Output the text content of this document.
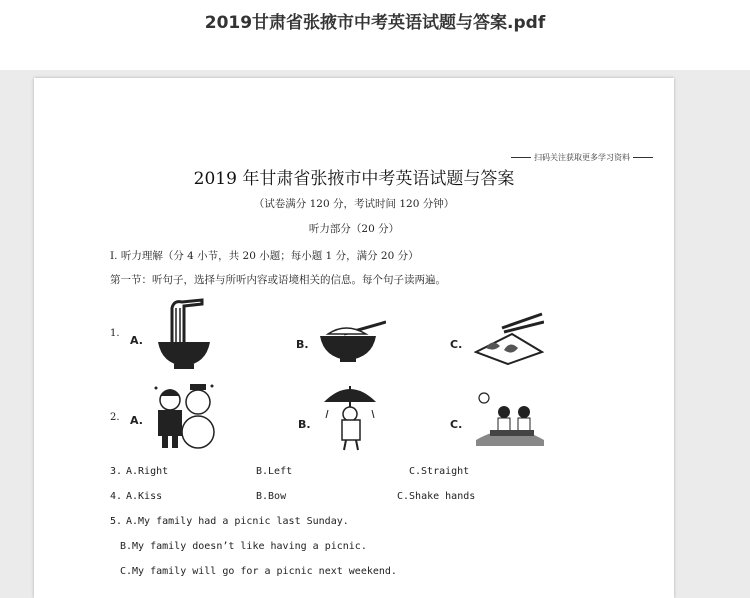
2019甘肃省张掖市中考英语试题与答案.pdf
扫码关注获取更多学习资料
2019 年甘肃省张掖市中考英语试题与答案
（试卷满分 120 分，考试时间 120 分钟）
听力部分（20 分）
I. 听力理解（分 4 小节，共 20 小题；每小题 1 分，满分 20 分）
第一节：听句子，选择与所听内容或语境相关的信息。每个句子读两遍。
1.
A.	B.	C.
2. A.	B.	C.
3. A.Right	B.Left	C.Straight
4. A.Kiss	B.Bow	C.Shake hands
5. A.My family had a picnic last Sunday.
B.My family doesn’t like having a picnic.
C.My family will go for a picnic next weekend.
